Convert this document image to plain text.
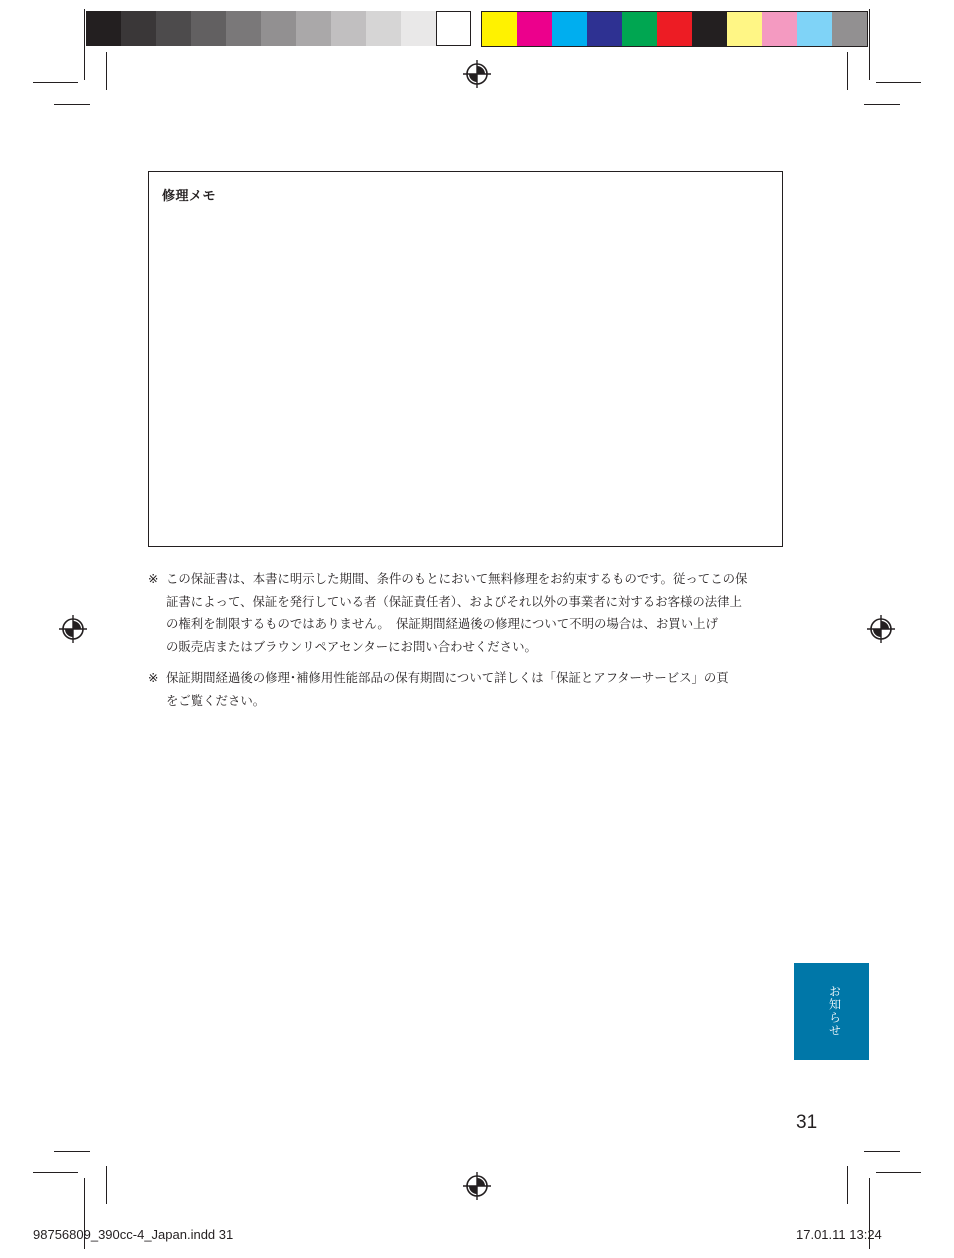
修理メモ
※ この保証書は、本書に明示した期間、条件のもとにおいて無料修理をお約束するものです。従ってこの保
証書によって、保証を発行している者（保証責任者）、およびそれ以外の事業者に対するお客様の法律上
の権利を制限するものではありません。　保証期間経過後の修理について不明の場合は、お買い上げ
の販売店またはブラウンリペアセンターにお問い合わせください。
※ 保証期間経過後の修理･補修用性能部品の保有期間について詳しくは「保証とアフターサービス」の頁
をご覧ください。
お知らせ
31
98756809_390cc-4_Japan.indd 31	17.01.11 13:24
